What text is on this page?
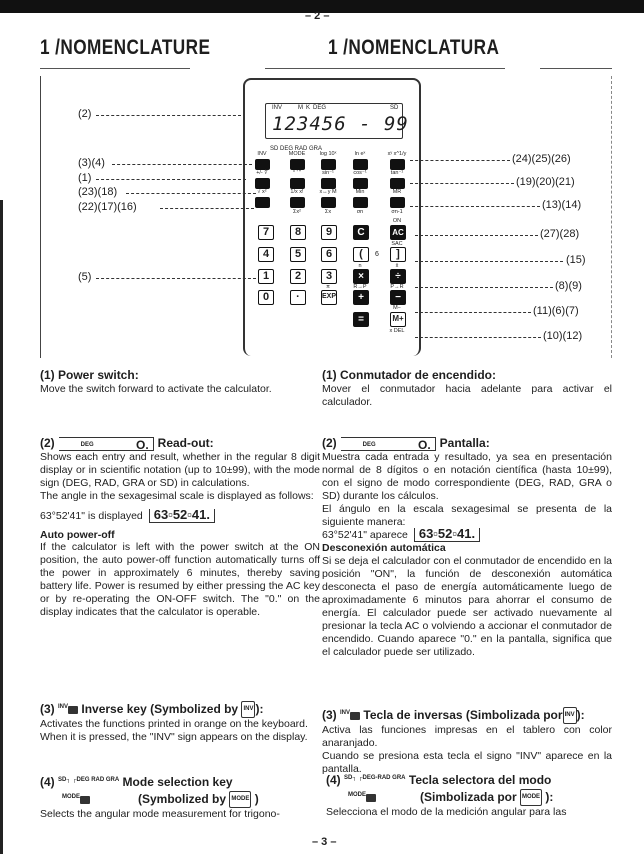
– 2 –
1 /NOMENCLATURE	1 /NOMENCLATURA
INV	M K DEG	SD
123456 - 99
SD DEG RAD GRA
(2)
(3)(4)
(1)
(23)(18)
(22)(17)(16)
(5)
(24)(25)(26)
(19)(20)(21)
(13)(14)
(27)(28)
(15)
(8)(9)
(11)(6)(7)
(10)(12)
INV	MODE	log 10ˣ	ln eˣ	xʸ x^1/y
+/- ∛	° ' "	sin⁻¹	cos⁻¹	tan⁻¹
√ x²	1/x x!	x↔y M	Min	MR
Σx²	Σx	σn	σn-1
7	8	9	C
ON
AC
SAC
4	5	6	(	6	]
n	x̄
1	2	3	×	÷
π	R→P	P→R
0	·	EXP	+	−
M−
=	M+
x DEL
(1) Power switch:
Move the switch forward to activate the calculator.
(2)	DEG	O. Read-out:
Shows each entry and result, whether in the regular 8 digit display or in scientific notation (up to 10±99), with the mode sign (DEG, RAD, GRA or SD) in calculations.
The angle in the sexagesimal scale is displayed as follows:
63°52'41" is displayed 63▫52▫41.
Auto power-off
If the calculator is left with the power switch at the ON position, the auto power-off function automatically turns off the power in approximately 6 minutes, thereby saving battery life. Power is resumed by either pressing the AC key or by re-operating the ON-OFF switch. The "0." on the display indicates that the calculator is operable.
(3) $^{INV}$ Inverse key (Symbolized by INV ):
Activates the functions printed in orange on the keyboard.
When it is pressed, the "INV" sign appears on the display.
(4) $^{SD┐ ┌DEG RAD GRA}$ Mode selection key
$^{MODE}$	(Symbolized by MODE )
Selects the angular mode measurement for trigono-
(1) Conmutador de encendido:
Mover el conmutador hacia adelante para activar el calculador.
(2)	DEG	O. Pantalla:
Muestra cada entrada y resultado, ya sea en presentación normal de 8 dígitos o en notación científica (hasta 10±99), con el signo de modo correspondiente (DEG, RAD, GRA o SD) durante los cálculos.
El ángulo en la escala sexagesimal se presenta de la siguiente manera:
63°52'41" aparece 63▫52▫41.
Desconexión automática
Si se deja el calculador con el conmutador de encendido en la posición "ON", la función de desconexión automática desconecta el paso de energía automáticamente luego de aproximadamente 6 minutos para ahorrar el consumo de energía. El calculador puede ser activado nuevamente al presionar la tecla AC o volviendo a accionar el conmutador de encendido. Cuando aparece "0." en la pantalla, significa que el calculador puede ser utilizado.
(3) $^{INV}$ Tecla de inversas (Simbolizada por INV ):
Activa las funciones impresas en el tablero con color anaranjado.
Cuando se presiona esta tecla el signo "INV" aparece en la pantalla.
(4) $^{SD┐ ┌DEG-RAD GRA}$ Tecla selectora del modo
$^{MODE}$	(Simbolizada por MODE ):
Selecciona el modo de la medición angular para las
– 3 –
